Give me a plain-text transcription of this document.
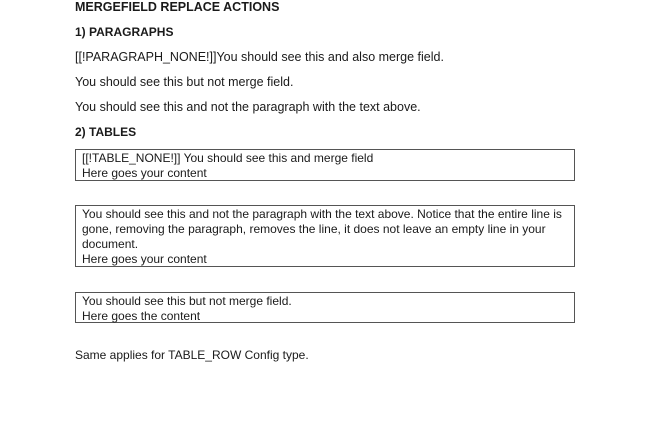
MERGEFIELD REPLACE ACTIONS
1) PARAGRAPHS
[[!PARAGRAPH_NONE!]]You should see this and also merge field.
You should see this but not merge field.
You should see this and not the paragraph with the text above.
2) TABLES
[[!TABLE_NONE!]] You should see this and merge field
Here goes your content
You should see this and not the paragraph with the text above. Notice that the entire line is gone, removing the paragraph, removes the line, it does not leave an empty line in your document.
Here goes your content
You should see this but not merge field.
Here goes the content
Same applies for TABLE_ROW Config type.
